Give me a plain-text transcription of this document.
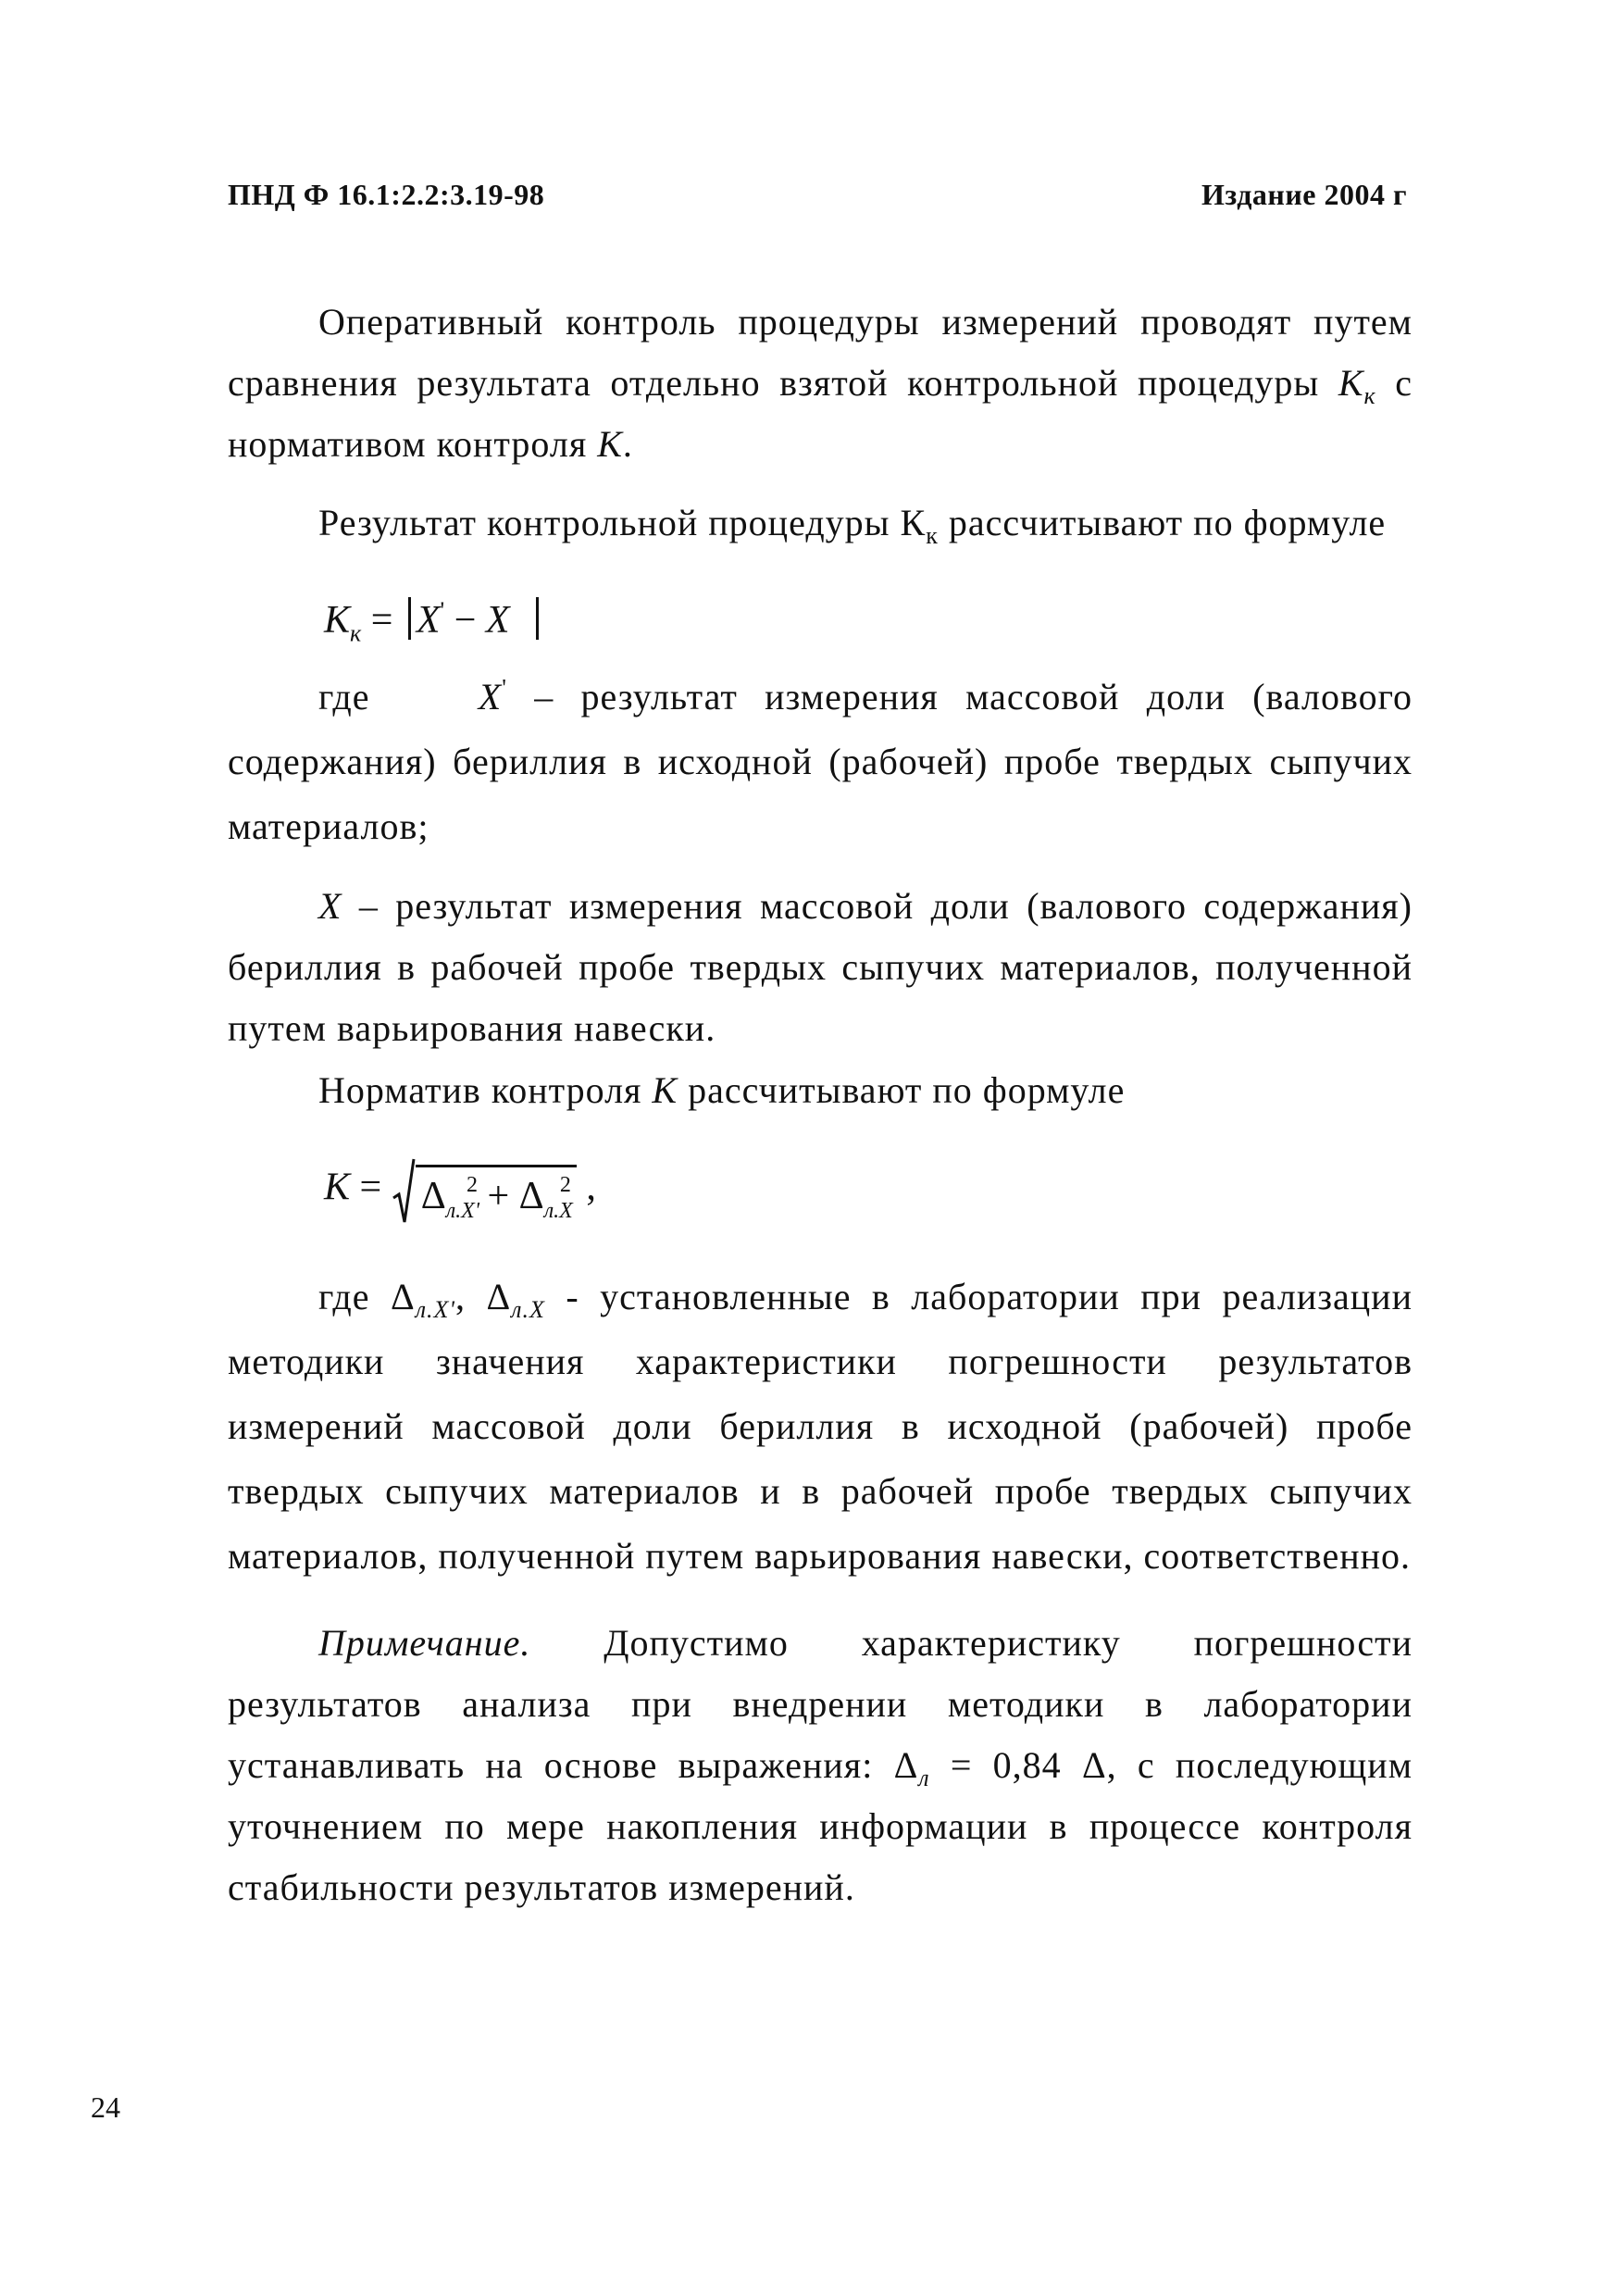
ПНД Ф 16.1:2.2:3.19-98	Издание 2004 г

Оперативный контроль процедуры измерений проводят путем сравнения результата отдельно взятой контрольной процедуры $K_к$ с нормативом контроля K.

Результат контрольной процедуры $К_к$ рассчитывают по формуле

$K_к = X' - X$

где	X' – результат измерения массовой доли (валового содержания) бериллия в исходной (рабочей) пробе твердых сыпучих материалов;

X – результат измерения массовой доли (валового содержания) бериллия в рабочей пробе твердых сыпучих материалов, полученной путем варьирования навески.

Норматив контроля K рассчитывают по формуле

$K = \Delta_{л.X'}^2 + \Delta_{л.X}^2$ ,

где $\Delta_{л.X'}$, $\Delta_{л.X}$ - установленные в лаборатории при реализации методики значения характеристики погрешности результатов измерений массовой доли бериллия в исходной (рабочей) пробе твердых сыпучих материалов и в рабочей пробе твердых сыпучих материалов, полученной путем варьирования навески, соответственно.

Примечание. Допустимо характеристику погрешности результатов анализа при внедрении методики в лаборатории устанавливать на основе выражения: $\Delta_л = 0,84$ Δ, с последующим уточнением по мере накопления информации в процессе контроля стабильности результатов измерений.

24
